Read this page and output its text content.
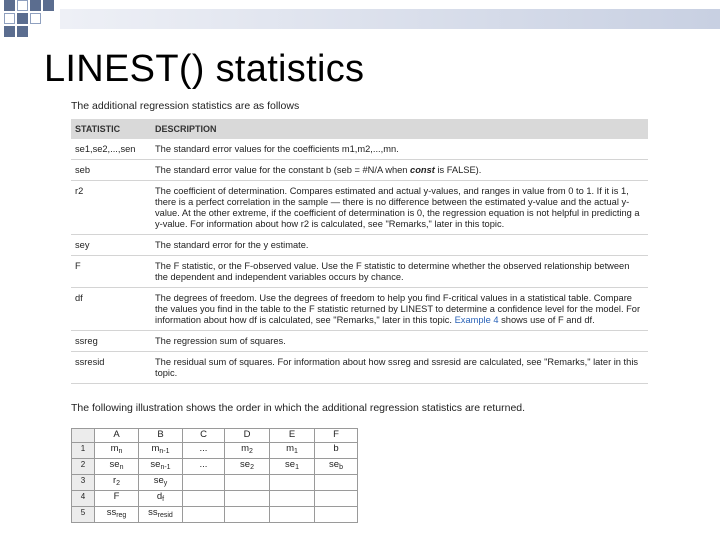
LINEST() statistics
The additional regression statistics are as follows
STATISTIC	DESCRIPTION
se1,se2,...,sen	The standard error values for the coefficients m1,m2,...,mn.
seb	The standard error value for the constant b (seb = #N/A when const is FALSE).
r2	The coefficient of determination. Compares estimated and actual y-values, and ranges in value from 0 to 1. If it is 1, there is a perfect correlation in the sample — there is no difference between the estimated y-value and the actual y-value. At the other extreme, if the coefficient of determination is 0, the regression equation is not helpful in predicting a y-value. For information about how r2 is calculated, see "Remarks," later in this topic.
sey	The standard error for the y estimate.
F	The F statistic, or the F-observed value. Use the F statistic to determine whether the observed relationship between the dependent and independent variables occurs by chance.
df	The degrees of freedom. Use the degrees of freedom to help you find F-critical values in a statistical table. Compare the values you find in the table to the F statistic returned by LINEST to determine a confidence level for the model. For information about how df is calculated, see "Remarks," later in this topic. Example 4 shows use of F and df.
ssreg	The regression sum of squares.
ssresid	The residual sum of squares. For information about how ssreg and ssresid are calculated, see "Remarks," later in this topic.
The following illustration shows the order in which the additional regression statistics are returned.
	A	B	C	D	E	F
1	$m_n$	$m_{n-1}$	...	$m_2$	$m_1$	b
2	$se_n$	$se_{n-1}$	...	$se_2$	$se_1$	$se_b$
3	$r_2$	$se_y$				
4	F	$d_f$				
5	$ss_{reg}$	$ss_{resid}$				
